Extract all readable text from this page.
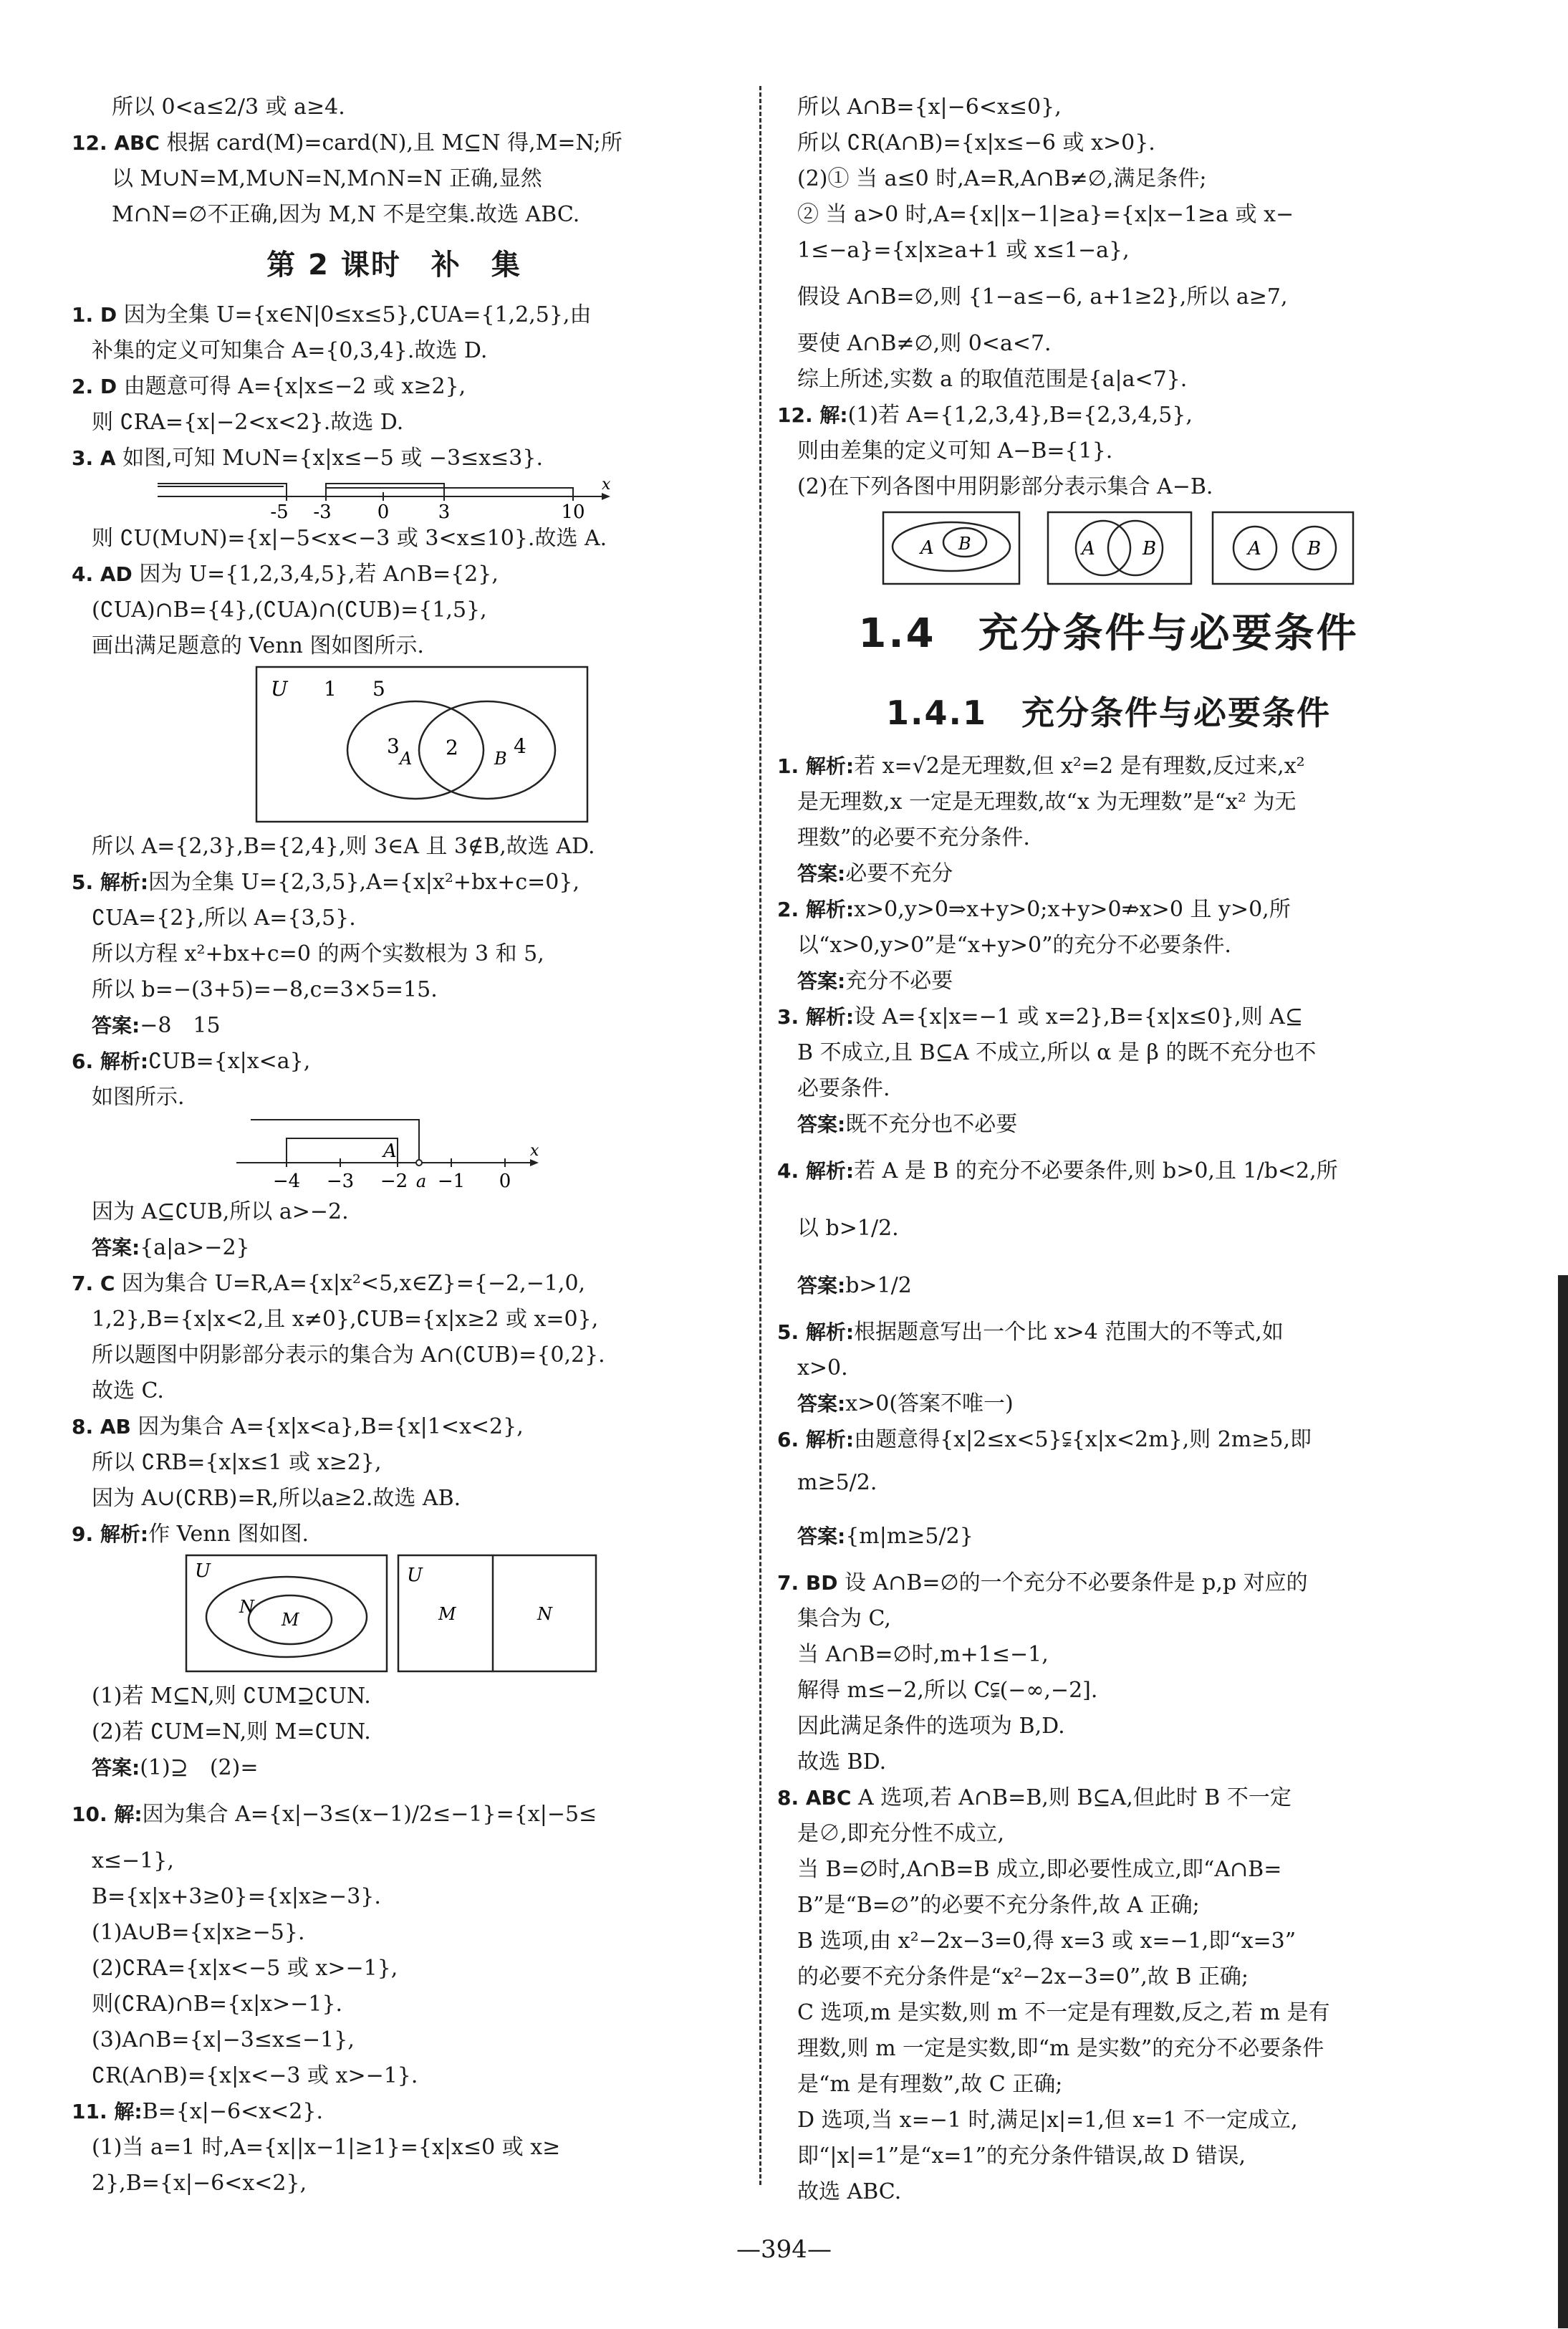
所以 0<a≤2/3 或 a≥4.
12. ABC 根据 card(M)=card(N),且 M⊆N 得,M=N;所
以 M∪N=M,M∪N=N,M∩N=N 正确,显然
M∩N=∅不正确,因为 M,N 不是空集.故选 ABC.
第 2 课时　补　集
1. D 因为全集 U={x∈N|0≤x≤5},∁UA={1,2,5},由
补集的定义可知集合 A={0,3,4}.故选 D.
2. D 由题意可得 A={x|x≤−2 或 x≥2},
则 ∁RA={x|−2<x<2}.故选 D.
3. A 如图,可知 M∪N={x|x≤−5 或 −3≤x≤3}.
-5 -3 0	3	10
x
则 ∁U(M∪N)={x|−5<x<−3 或 3<x≤10}.故选 A.
4. AD 因为 U={1,2,3,4,5},若 A∩B={2},
(∁UA)∩B={4},(∁UA)∩(∁UB)={1,5},
画出满足题意的 Venn 图如图所示.
U 1 5
3
A 2 B
4
所以 A={2,3},B={2,4},则 3∈A 且 3∉B,故选 AD.
5. 解析:因为全集 U={2,3,5},A={x|x²+bx+c=0},
∁UA={2},所以 A={3,5}.
所以方程 x²+bx+c=0 的两个实数根为 3 和 5,
所以 b=−(3+5)=−8,c=3×5=15.
答案:−8　15
6. 解析:∁UB={x|x<a},
如图所示.
A
−4 −3 −2 a −1 0
x
因为 A⊆∁UB,所以 a>−2.
答案:{a|a>−2}
7. C 因为集合 U=R,A={x|x²<5,x∈Z}={−2,−1,0,
1,2},B={x|x<2,且 x≠0},∁UB={x|x≥2 或 x=0},
所以题图中阴影部分表示的集合为 A∩(∁UB)={0,2}.
故选 C.
8. AB 因为集合 A={x|x<a},B={x|1<x<2},
所以 ∁RB={x|x≤1 或 x≥2},
因为 A∪(∁RB)=R,所以a≥2.故选 AB.
9. 解析:作 Venn 图如图.
U
N
M
U
M	N
(1)若 M⊆N,则 ∁UM⊇∁UN.
(2)若 ∁UM=N,则 M=∁UN.
答案:(1)⊇　(2)=
10. 解:因为集合 A={x|−3≤(x−1)/2≤−1}={x|−5≤
x≤−1},
B={x|x+3≥0}={x|x≥−3}.
(1)A∪B={x|x≥−5}.
(2)∁RA={x|x<−5 或 x>−1},
则(∁RA)∩B={x|x>−1}.
(3)A∩B={x|−3≤x≤−1},
∁R(A∩B)={x|x<−3 或 x>−1}.
11. 解:B={x|−6<x<2}.
(1)当 a=1 时,A={x||x−1|≥1}={x|x≤0 或 x≥
2},B={x|−6<x<2},
所以 A∩B={x|−6<x≤0},
所以 ∁R(A∩B)={x|x≤−6 或 x>0}.
(2)① 当 a≤0 时,A=R,A∩B≠∅,满足条件;
② 当 a>0 时,A={x||x−1|≥a}={x|x−1≥a 或 x−
1≤−a}={x|x≥a+1 或 x≤1−a},
假设 A∩B=∅,则 {1−a≤−6, a+1≥2},所以 a≥7,
要使 A∩B≠∅,则 0<a<7.
综上所述,实数 a 的取值范围是{a|a<7}.
12. 解:(1)若 A={1,2,3,4},B={2,3,4,5},
则由差集的定义可知 A−B={1}.
(2)在下列各图中用阴影部分表示集合 A−B.
A B	A	B	A B
1.4　充分条件与必要条件
1.4.1　充分条件与必要条件
1. 解析:若 x=√2是无理数,但 x²=2 是有理数,反过来,x²
是无理数,x 一定是无理数,故“x 为无理数”是“x² 为无
理数”的必要不充分条件.
答案:必要不充分
2. 解析:x>0,y>0⇒x+y>0;x+y>0⇏x>0 且 y>0,所
以“x>0,y>0”是“x+y>0”的充分不必要条件.
答案:充分不必要
3. 解析:设 A={x|x=−1 或 x=2},B={x|x≤0},则 A⊆
B 不成立,且 B⊆A 不成立,所以 α 是 β 的既不充分也不
必要条件.
答案:既不充分也不必要
4. 解析:若 A 是 B 的充分不必要条件,则 b>0,且 1/b<2,所
以 b>1/2.
答案:b>1/2
5. 解析:根据题意写出一个比 x>4 范围大的不等式,如
x>0.
答案:x>0(答案不唯一)
6. 解析:由题意得{x|2≤x<5}⫋{x|x<2m},则 2m≥5,即
m≥5/2.
答案:{m|m≥5/2}
7. BD 设 A∩B=∅的一个充分不必要条件是 p,p 对应的
集合为 C,
当 A∩B=∅时,m+1≤−1,
解得 m≤−2,所以 C⫋(−∞,−2].
因此满足条件的选项为 B,D.
故选 BD.
8. ABC A 选项,若 A∩B=B,则 B⊆A,但此时 B 不一定
是∅,即充分性不成立,
当 B=∅时,A∩B=B 成立,即必要性成立,即“A∩B=
B”是“B=∅”的必要不充分条件,故 A 正确;
B 选项,由 x²−2x−3=0,得 x=3 或 x=−1,即“x=3”
的必要不充分条件是“x²−2x−3=0”,故 B 正确;
C 选项,m 是实数,则 m 不一定是有理数,反之,若 m 是有
理数,则 m 一定是实数,即“m 是实数”的充分不必要条件
是“m 是有理数”,故 C 正确;
D 选项,当 x=−1 时,满足|x|=1,但 x=1 不一定成立,
即“|x|=1”是“x=1”的充分条件错误,故 D 错误,
故选 ABC.
—394—
